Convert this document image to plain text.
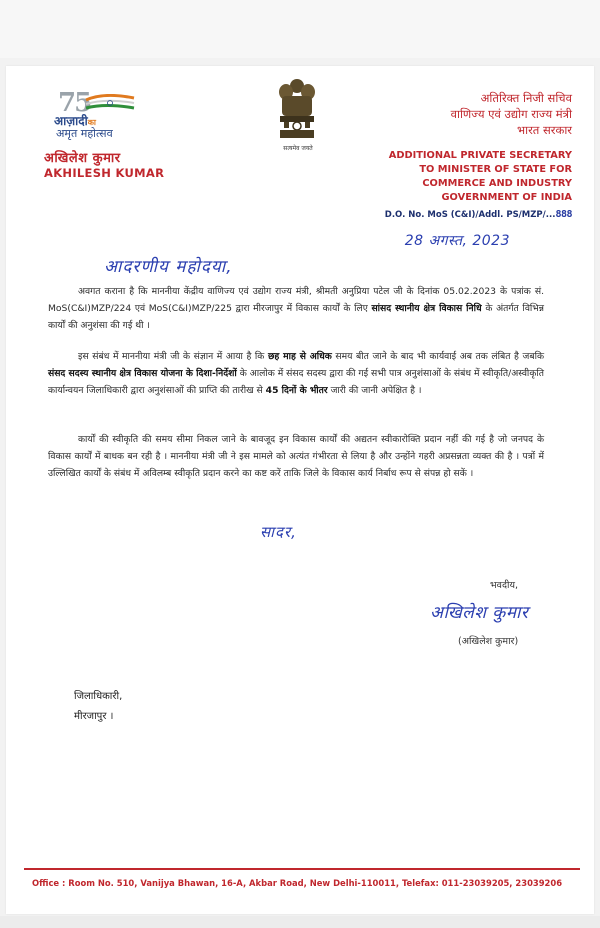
75
आज़ादीका
अमृत महोत्सव
अखिलेश कुमार
AKHILESH KUMAR
सत्यमेव जयते
अतिरिक्त निजी सचिव
वाणिज्य एवं उद्योग राज्य मंत्री
भारत सरकार
ADDITIONAL PRIVATE SECRETARY
TO MINISTER OF STATE FOR
COMMERCE AND INDUSTRY
GOVERNMENT OF INDIA
D.O. No. MoS (C&I)/Addl. PS/MZP/...888
28 अगस्त, 2023
आदरणीय महोदया,
अवगत कराना है कि माननीया केंद्रीय वाणिज्य एवं उद्योग राज्य मंत्री, श्रीमती अनुप्रिया पटेल जी के दिनांक 05.02.2023 के पत्रांक सं. MoS(C&I)MZP/224 एवं MoS(C&I)MZP/225 द्वारा मीरजापुर में विकास कार्यों के लिए सांसद स्थानीय क्षेत्र विकास निधि के अंतर्गत विभिन्न कार्यों की अनुशंसा की गई थी ।
इस संबंध में माननीया मंत्री जी के संज्ञान में आया है कि छह माह से अधिक समय बीत जाने के बाद भी कार्यवाई अब तक लंबित है जबकि संसद सदस्य स्थानीय क्षेत्र विकास योजना के दिशा-निर्देशों के आलोक में संसद सदस्य द्वारा की गई सभी पात्र अनुशंसाओं के संबंध में स्वीकृति/अस्वीकृति कार्यान्वयन जिलाधिकारी द्वारा अनुशंसाओं की प्राप्ति की तारीख से 45 दिनों के भीतर जारी की जानी अपेक्षित है ।
कार्यों की स्वीकृति की समय सीमा निकल जाने के बावजूद इन विकास कार्यों की अद्यतन स्वीकारोक्ति प्रदान नहीं की गई है जो जनपद के विकास कार्यों में बाधक बन रही है । माननीया मंत्री जी ने इस मामले को अत्यंत गंभीरता से लिया है और उन्होंने गहरी अप्रसन्नता व्यक्त की है । पत्रों में उल्लिखित कार्यों के संबंध में अविलम्ब स्वीकृति प्रदान करने का कष्ट करें ताकि जिले के विकास कार्य निर्बाध रूप से संपन्न हो सकें ।
सादर,
भवदीय,
अखिलेश कुमार
(अखिलेश कुमार)
जिलाधिकारी,
मीरजापुर ।
Office : Room No. 510, Vanijya Bhawan, 16-A, Akbar Road, New Delhi-110011, Telefax: 011-23039205, 23039206
